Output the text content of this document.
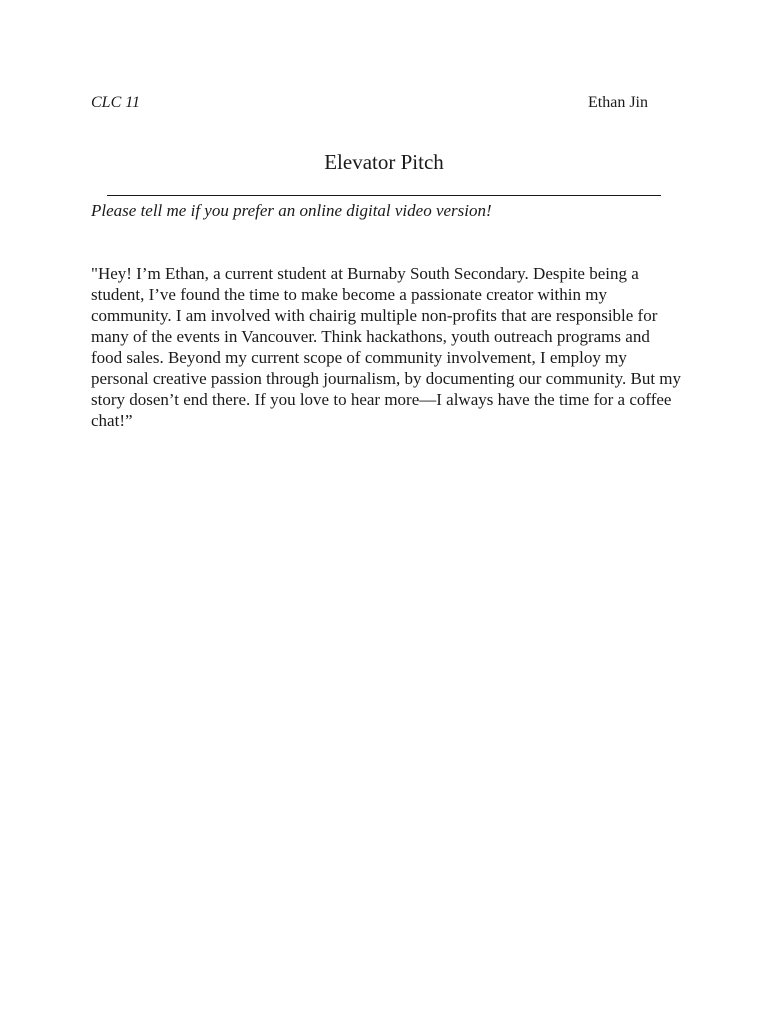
CLC 11	Ethan Jin
Elevator Pitch
Please tell me if you prefer an online digital video version!

"Hey! I’m Ethan, a current student at Burnaby South Secondary. Despite being a student, I’ve found the time to make become a passionate creator within my community. I am involved with chairig multiple non-profits that are responsible for many of the events in Vancouver. Think hackathons, youth outreach programs and food sales. Beyond my current scope of community involvement, I employ my personal creative passion through journalism, by documenting our community. But my story dosen’t end there. If you love to hear more—I always have the time for a coffee chat!”
